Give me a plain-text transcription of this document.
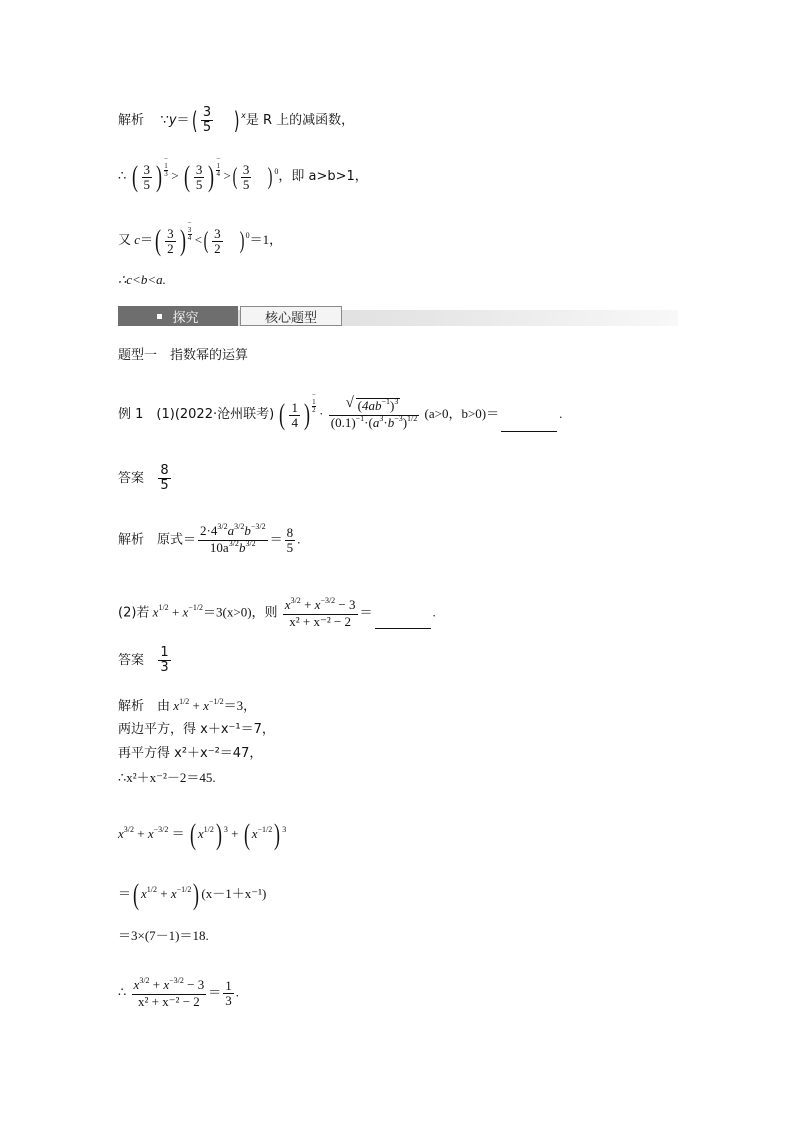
解析 ∵y＝( $\frac{3}{5}$ ) $^x$是 R 上的减函数，
∴ ( $\frac{3}{5}$ )−
1
3 > ( $\frac{3}{5}$ )−
1
4 >( $\frac{3}{5}$ ) $^0$，即 a>b>1，
又 $c=( \frac{3}{2}$ )−
3
4 <( $\frac{3}{2}$ ) $^0$＝1，
∴c<b<a.
探究	核心题型
题型一　指数幂的运算
例 1　(1)(2022·沧州联考) ( $\frac{1}{4}$ )−
1
2 ·
√ $\frac{(4ab^{-1})^3}{(0.1)^{-1}\cdot(a^3\cdot b^{-3})^{1/2}} (a>0$，b>0)＝	.
答案 $\frac{8}{5}$
解析 原式＝ $\frac{2\cdot 4^{3/2}a^{3/2}b^{-3/2}}{10a^{3/2}b^{3/2}} = \frac{8}{5}$ .
(2)若 $x^{1/2} + x^{-1/2}=3(x>0)$，则 $\frac{x^{3/2} + x^{-3/2} - 3}{\text{x² + x⁻² − 2}}$ ＝	.
答案 $\frac{1}{3}$
解析 由 $x^{1/2} + x^{-1/2}=3$，
两边平方，得 x＋x⁻¹＝7，
再平方得 x²＋x⁻²＝47，
∴x²＋x⁻²－2＝45.
$x^{3/2} + x^{-3/2}$ ＝ ( $x^{1/2}$) $^3$ + ( $x^{-1/2}$) $^3$
＝( $x^{1/2} + x^{-1/2}$) (x－1＋x⁻¹)
＝3×(7－1)＝18.
∴ $\frac{x^{3/2} + x^{-3/2} - 3}{\text{x² + x⁻² − 2}} = \frac{1}{3}$ .
